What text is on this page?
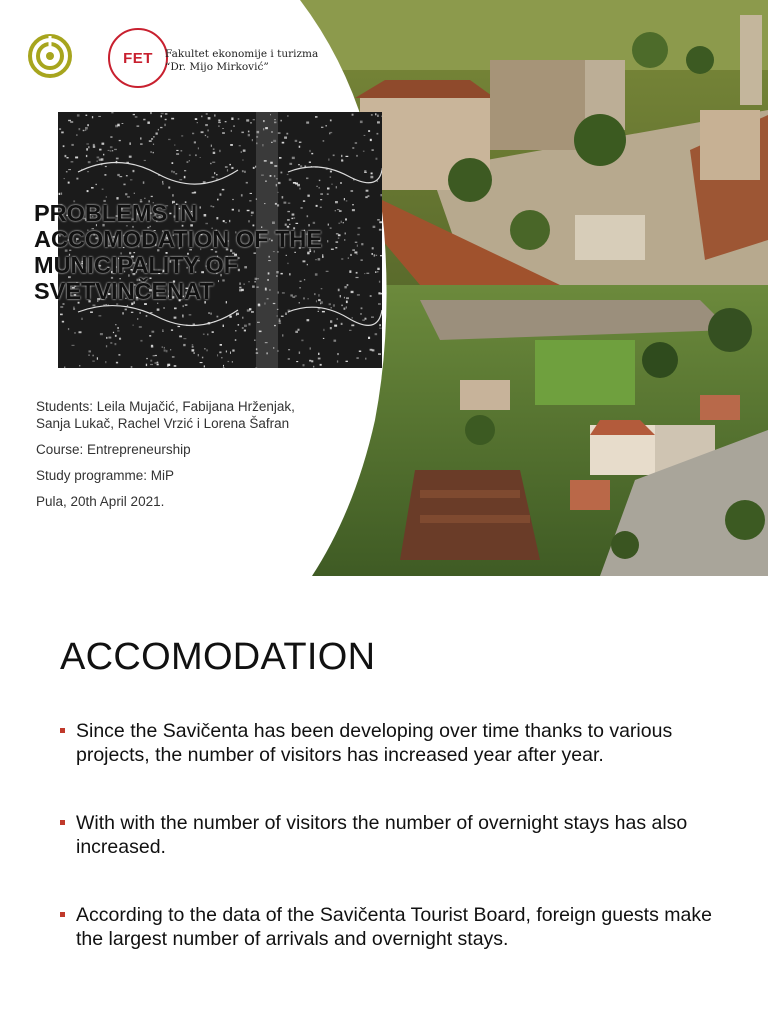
FET Fakultet ekonomije i turizma
“Dr. Mijo Mirković”
PROBLEMS IN ACCOMODATION OF THE MUNICIPALITY OF SVETVINČENAT

Students: Leila Mujačić, Fabijana Hrženjak,
Sanja Lukač, Rachel Vrzić i Lorena Šafran

Course: Entrepreneurship

Study programme: MiP

Pula, 20th April 2021.

ACCOMODATION
Since the Savičenta has been developing over time thanks to various projects, the number of visitors has increased year after year.
With with the number of visitors the number of overnight stays has also increased.
According to the data of the Savičenta Tourist Board, foreign guests make the largest number of arrivals and overnight stays.
